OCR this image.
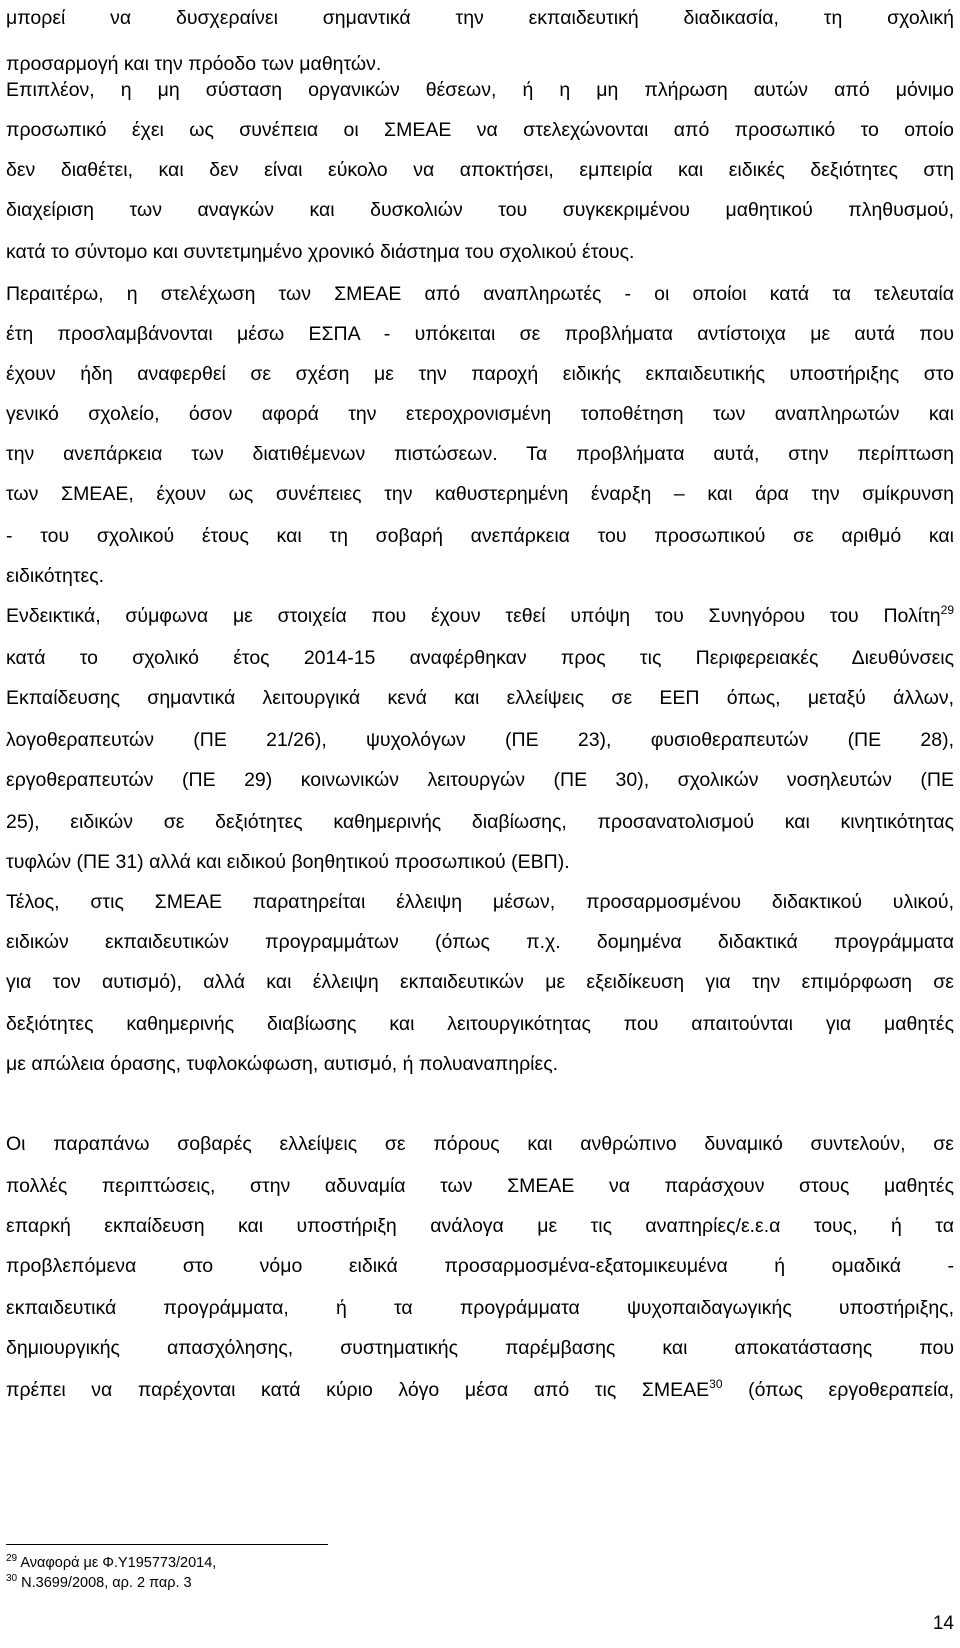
μπορεί να δυσχεραίνει σημαντικά την εκπαιδευτική διαδικασία, τη σχολική

προσαρμογή και την πρόοδο των μαθητών.

Επιπλέον, η μη σύσταση οργανικών θέσεων, ή η μη πλήρωση αυτών από μόνιμο

προσωπικό έχει ως συνέπεια οι ΣΜΕΑΕ να στελεχώνονται από προσωπικό το οποίο

δεν διαθέτει, και δεν είναι εύκολο να αποκτήσει, εμπειρία και ειδικές δεξιότητες στη

διαχείριση των αναγκών και δυσκολιών του συγκεκριμένου μαθητικού πληθυσμού,

κατά το σύντομο και συντετμημένο χρονικό διάστημα του σχολικού έτους.

Περαιτέρω, η στελέχωση των ΣΜΕΑΕ από αναπληρωτές - οι οποίοι κατά τα τελευταία

έτη προσλαμβάνονται μέσω ΕΣΠΑ - υπόκειται σε προβλήματα αντίστοιχα με αυτά που

έχουν ήδη αναφερθεί σε σχέση με την παροχή ειδικής εκπαιδευτικής υποστήριξης στο

γενικό σχολείο, όσον αφορά την ετεροχρονισμένη τοποθέτηση των αναπληρωτών και

την ανεπάρκεια των διατιθέμενων πιστώσεων. Τα προβλήματα αυτά, στην περίπτωση

των ΣΜΕΑΕ, έχουν ως συνέπειες την καθυστερημένη έναρξη – και άρα την σμίκρυνση

- του σχολικού έτους και τη σοβαρή ανεπάρκεια του προσωπικού σε αριθμό και

ειδικότητες.

Ενδεικτικά, σύμφωνα με στοιχεία που έχουν τεθεί υπόψη του Συνηγόρου του Πολίτη$^{29}$

κατά το σχολικό έτος 2014-15 αναφέρθηκαν προς τις Περιφερειακές Διευθύνσεις

Εκπαίδευσης σημαντικά λειτουργικά κενά και ελλείψεις σε ΕΕΠ όπως, μεταξύ άλλων,

λογοθεραπευτών (ΠΕ 21/26), ψυχολόγων (ΠΕ 23), φυσιοθεραπευτών (ΠΕ 28),

εργοθεραπευτών (ΠΕ 29) κοινωνικών λειτουργών (ΠΕ 30), σχολικών νοσηλευτών (ΠΕ

25), ειδικών σε δεξιότητες καθημερινής διαβίωσης, προσανατολισμού και κινητικότητας

τυφλών (ΠΕ 31) αλλά και ειδικού βοηθητικού προσωπικού (ΕΒΠ).

Τέλος, στις ΣΜΕΑΕ παρατηρείται έλλειψη μέσων, προσαρμοσμένου διδακτικού υλικού,

ειδικών εκπαιδευτικών προγραμμάτων (όπως π.χ. δομημένα διδακτικά προγράμματα

για τον αυτισμό), αλλά και έλλειψη εκπαιδευτικών με εξειδίκευση για την επιμόρφωση σε

δεξιότητες καθημερινής διαβίωσης και λειτουργικότητας που απαιτούνται για μαθητές

με απώλεια όρασης, τυφλοκώφωση, αυτισμό, ή πολυαναπηρίες.

Οι παραπάνω σοβαρές ελλείψεις σε πόρους και ανθρώπινο δυναμικό συντελούν, σε

πολλές περιπτώσεις, στην αδυναμία των ΣΜΕΑΕ να παράσχουν στους μαθητές

επαρκή εκπαίδευση και υποστήριξη ανάλογα με τις αναπηρίες/ε.ε.α τους, ή τα

προβλεπόμενα στο νόμο ειδικά προσαρμοσμένα-εξατομικευμένα ή ομαδικά -

εκπαιδευτικά προγράμματα, ή τα προγράμματα ψυχοπαιδαγωγικής υποστήριξης,

δημιουργικής απασχόλησης, συστηματικής παρέμβασης και αποκατάστασης που

πρέπει να παρέχονται κατά κύριο λόγο μέσα από τις ΣΜΕΑΕ$^{30}$ (όπως εργοθεραπεία,

$^{29}$ Αναφορά με Φ.Υ195773/2014,
$^{30}$ Ν.3699/2008, αρ. 2 παρ. 3
14
